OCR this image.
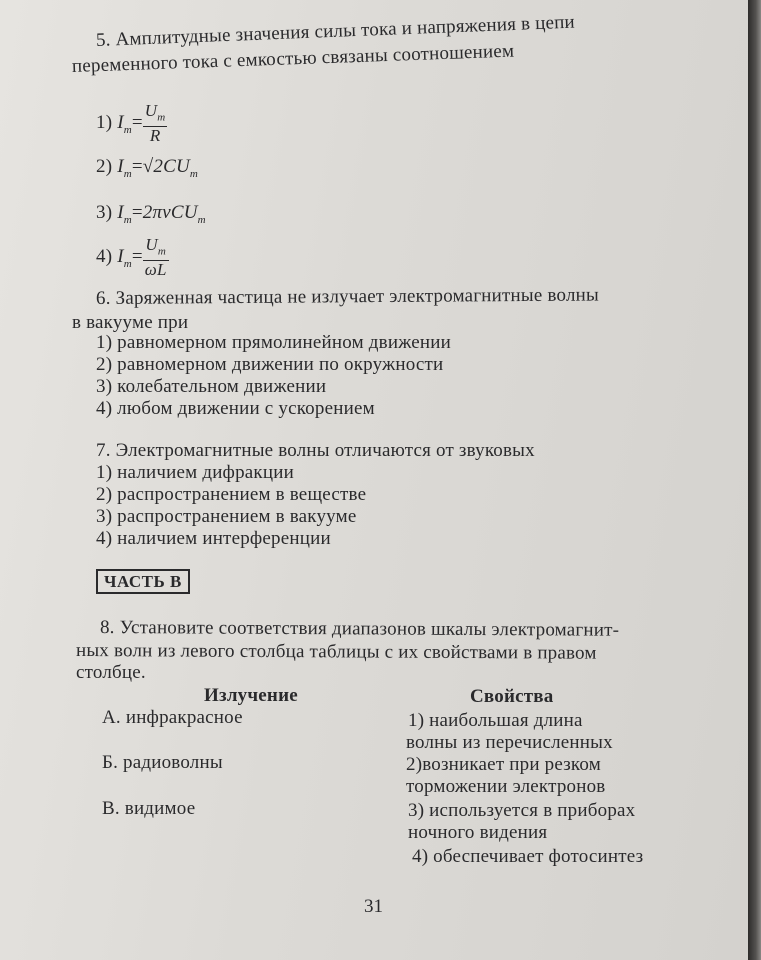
5. Амплитудные значения силы тока и напряжения в цепи
переменного тока с емкостью связаны соотношением
1) $I_m= \frac{U_m}{R}$
2) $I_m=√2CU_m$
3) $I_m=2\pi\nu CU_m$
4) $I_m= \frac{U_m}{\omega L}$
6. Заряженная частица не излучает электромагнитные волны
в вакууме при
1) равномерном прямолинейном движении
2) равномерном движении по окружности
3) колебательном движении
4) любом движении с ускорением
7. Электромагнитные волны отличаются от звуковых
1) наличием дифракции
2) распространением в веществе
3) распространением в вакууме
4) наличием интерференции
ЧАСТЬ В
8. Установите соответствия диапазонов шкалы электромагнит-
ных волн из левого столбца таблицы с их свойствами в правом
столбце.
Излучение	Свойства
А. инфракрасное
Б. радиоволны
В. видимое
1) наибольшая длина
волны из перечисленных
2)возникает при резком
торможении электронов
3) используется в приборах
ночного видения
4) обеспечивает фотосинтез
31
